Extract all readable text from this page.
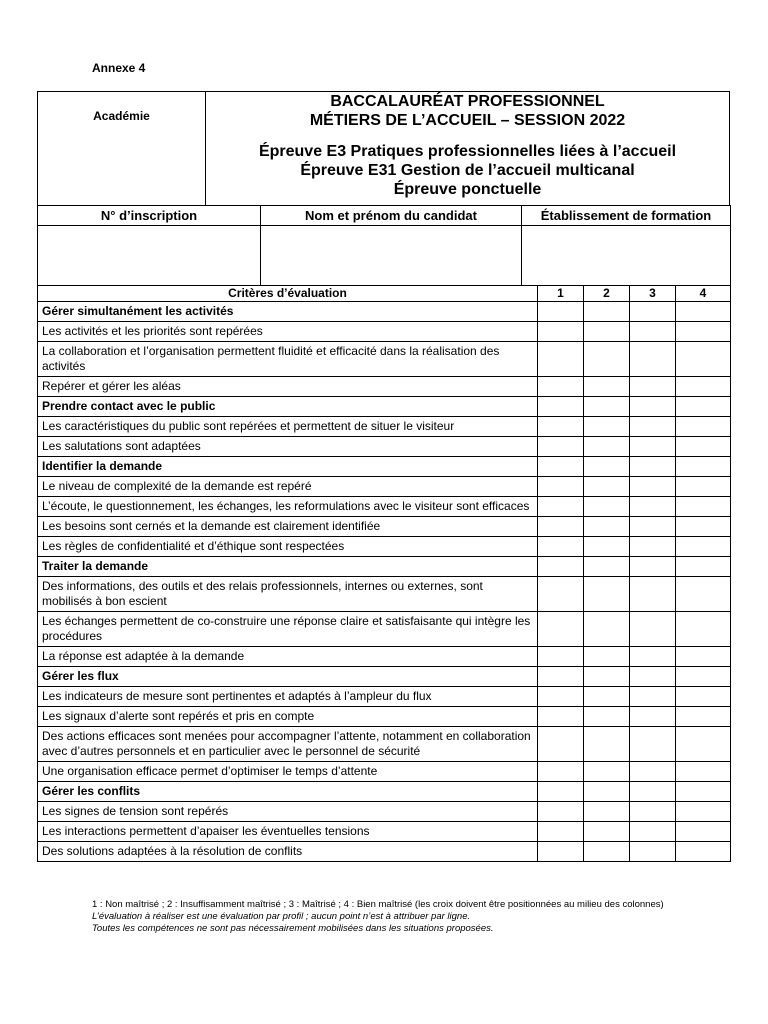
Annexe 4
Académie	
BACCALAURÉAT PROFESSIONNEL
MÉTIERS DE L’ACCUEIL – SESSION 2022
Épreuve E3 Pratiques professionnelles liées à l’accueil
Épreuve E31 Gestion de l’accueil multicanal
Épreuve ponctuelle
N° d’inscription	Nom et prénom du candidat	Établissement de formation

Critères d’évaluation	1	2	3	4
Gérer simultanément les activités				
Les activités et les priorités sont repérées				
La collaboration et l’organisation permettent fluidité et efficacité dans la réalisation des activités				
Repérer et gérer les aléas				
Prendre contact avec le public				
Les caractéristiques du public sont repérées et permettent de situer le visiteur				
Les salutations sont adaptées				
Identifier la demande				
Le niveau de complexité de la demande est repéré				
L’écoute, le questionnement, les échanges, les reformulations avec le visiteur sont efficaces				
Les besoins sont cernés et la demande est clairement identifiée				
Les règles de confidentialité et d’éthique sont respectées				
Traiter la demande				
Des informations, des outils et des relais professionnels, internes ou externes, sont mobilisés à bon escient				
Les échanges permettent de co-construire une réponse claire et satisfaisante qui intègre les procédures				
La réponse est adaptée à la demande				
Gérer les flux				
Les indicateurs de mesure sont pertinentes et adaptés à l’ampleur du flux				
Les signaux d’alerte sont repérés et pris en compte				
Des actions efficaces sont menées pour accompagner l’attente, notamment en collaboration avec d’autres personnels et en particulier avec le personnel de sécurité				
Une organisation efficace permet d’optimiser le temps d’attente				
Gérer les conflits				
Les signes de tension sont repérés				
Les interactions permettent d’apaiser les éventuelles tensions				
Des solutions adaptées à la résolution de conflits				
1 : Non maîtrisé ; 2 : Insuffisamment maîtrisé ; 3 : Maîtrisé ; 4 : Bien maîtrisé (les croix doivent être positionnées au milieu des colonnes)
L’évaluation à réaliser est une évaluation par profil ; aucun point n’est à attribuer par ligne.
Toutes les compétences ne sont pas nécessairement mobilisées dans les situations proposées.
